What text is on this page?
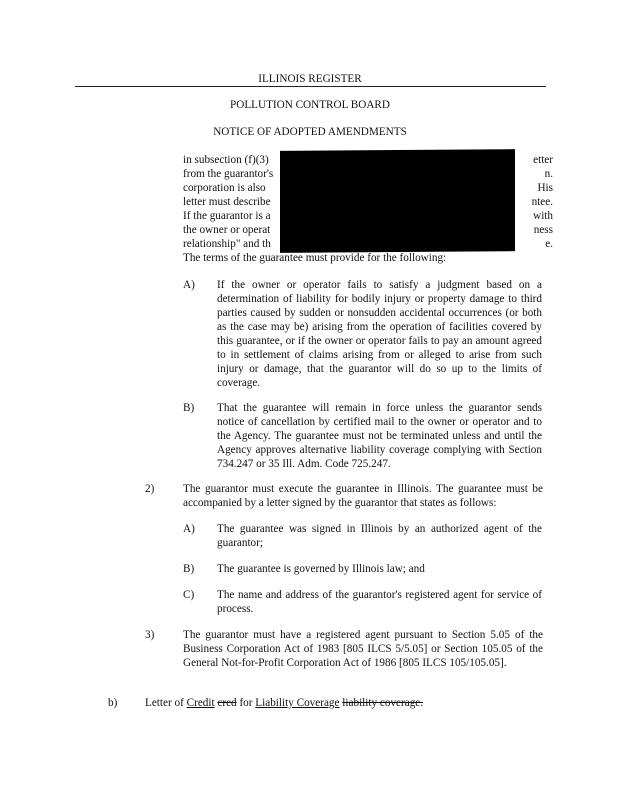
ILLINOIS REGISTER
POLLUTION CONTROL BOARD
NOTICE OF ADOPTED AMENDMENTS
in subsection (f)(3)
from the guarantor's
corporation is also
letter must describe
If the guarantor is a
the owner or operat
relationship" and th
The terms of the guarantee must provide for the following:
etter
n.
His
ntee.
with
ness
e.
A)	If the owner or operator fails to satisfy a judgment based on a determination of liability for bodily injury or property damage to third parties caused by sudden or nonsudden accidental occurrences (or both as the case may be) arising from the operation of facilities covered by this guarantee, or if the owner or operator fails to pay an amount agreed to in settlement of claims arising from or alleged to arise from such injury or damage, that the guarantor will do so up to the limits of coverage.
B)	That the guarantee will remain in force unless the guarantor sends notice of cancellation by certified mail to the owner or operator and to the Agency. The guarantee must not be terminated unless and until the Agency approves alternative liability coverage complying with Section 734.247 or 35 Ill. Adm. Code 725.247.
2)	The guarantor must execute the guarantee in Illinois. The guarantee must be accompanied by a letter signed by the guarantor that states as follows:
A)	The guarantee was signed in Illinois by an authorized agent of the guarantor;
B)	The guarantee is governed by Illinois law; and
C)	The name and address of the guarantor's registered agent for service of process.
3)	The guarantor must have a registered agent pursuant to Section 5.05 of the Business Corporation Act of 1983 [805 ILCS 5/5.05] or Section 105.05 of the General Not-for-Profit Corporation Act of 1986 [805 ILCS 105/105.05].
b)	Letter of Credit cred for Liability Coverage liability coverage.
